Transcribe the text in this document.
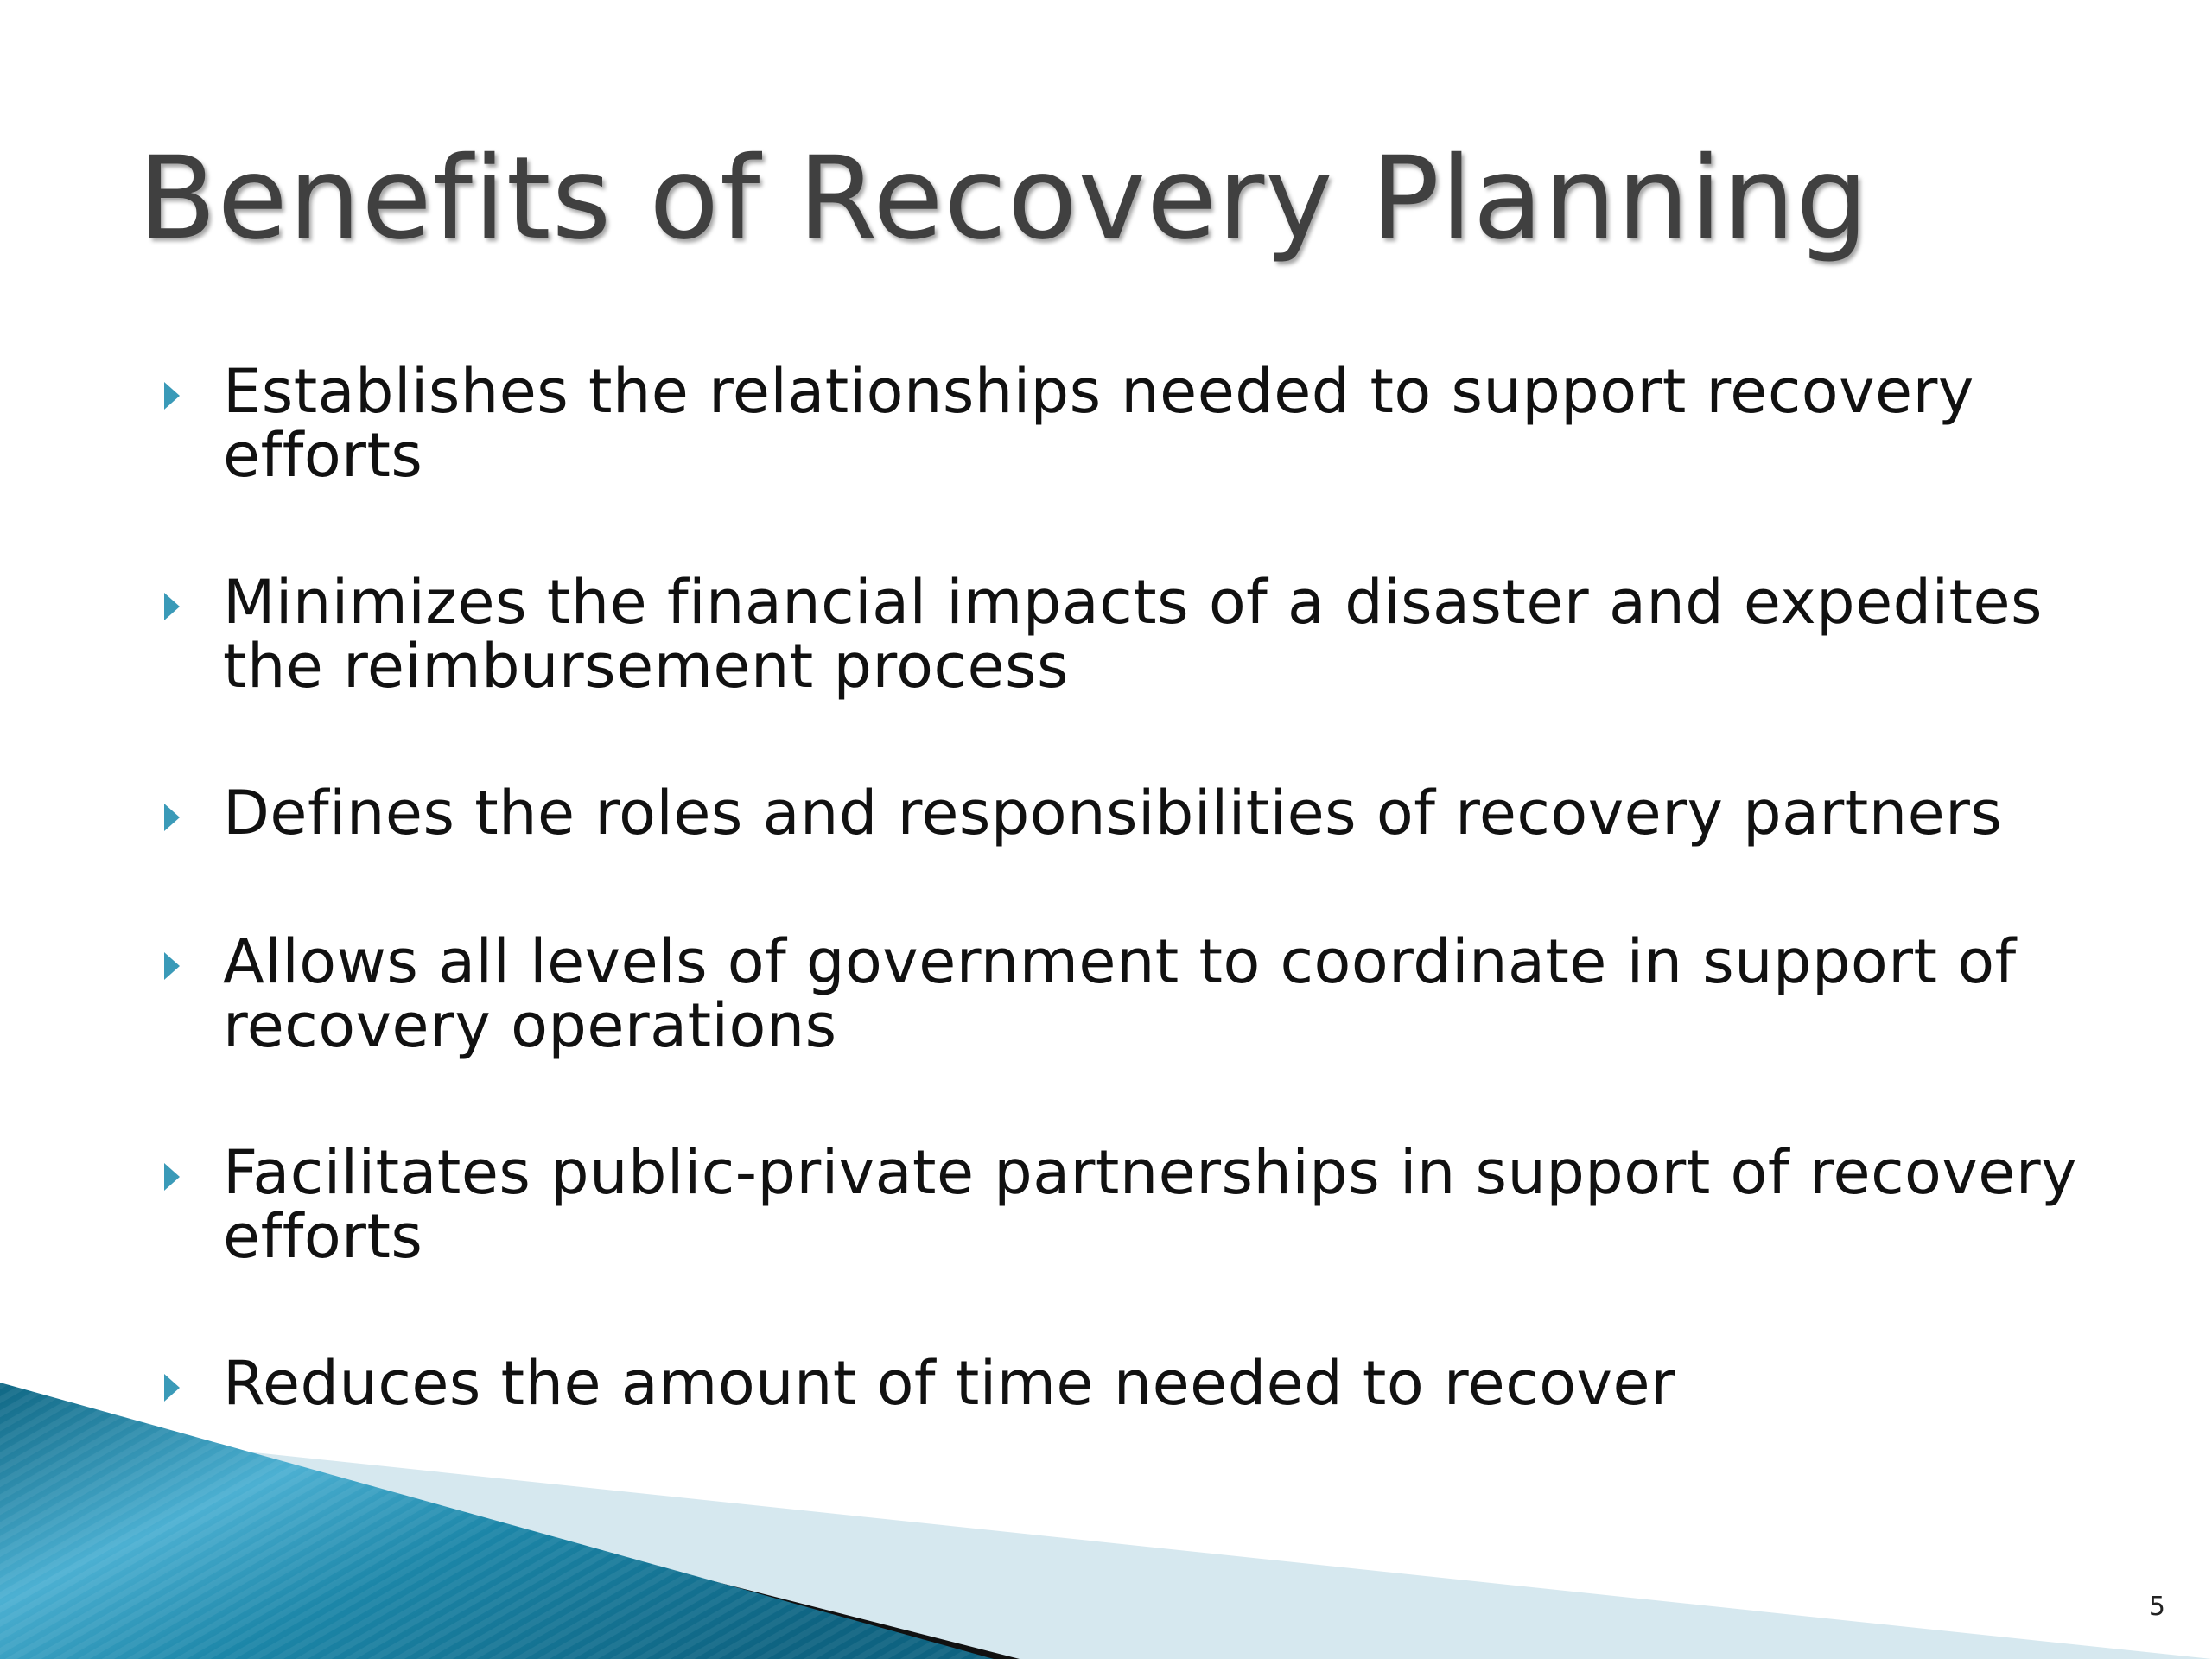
Benefits of Recovery Planning
Establishes the relationships needed to support recovery efforts
Minimizes the financial impacts of a disaster and expedites the reimbursement process
Defines the roles and responsibilities of recovery partners
Allows all levels of government to coordinate in support of recovery operations
Facilitates public-private partnerships in support of recovery efforts
Reduces the amount of time needed to recover
5
